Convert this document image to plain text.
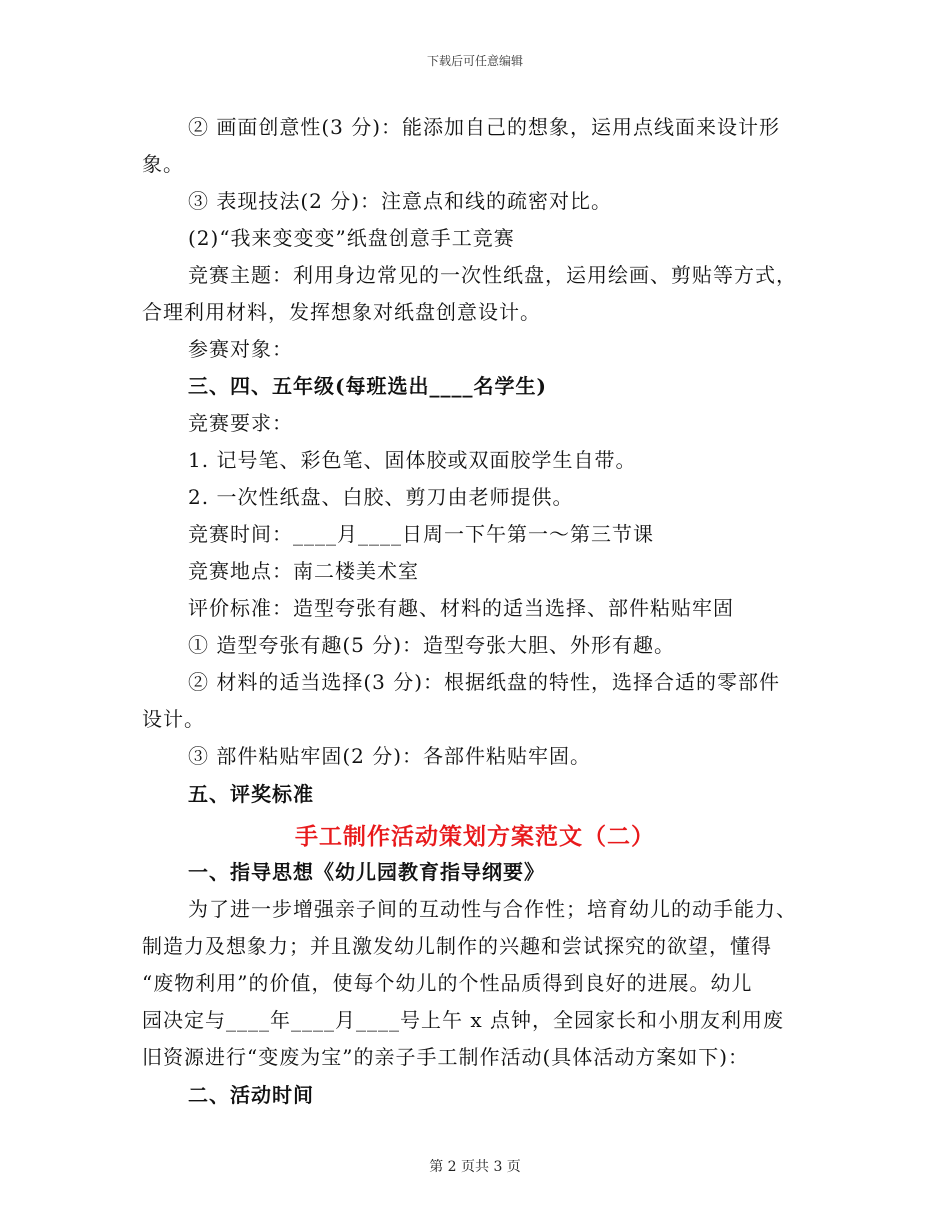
下载后可任意编辑
② 画面创意性(3 分)：能添加自己的想象，运用点线面来设计形
象。
③ 表现技法(2 分)：注意点和线的疏密对比。
(2)“我来变变变”纸盘创意手工竞赛
竞赛主题：利用身边常见的一次性纸盘，运用绘画、剪贴等方式，
合理利用材料，发挥想象对纸盘创意设计。
参赛对象：
三、四、五年级(每班选出____名学生)
竞赛要求：
1. 记号笔、彩色笔、固体胶或双面胶学生自带。
2. 一次性纸盘、白胶、剪刀由老师提供。
竞赛时间：____月____日周一下午第一～第三节课
竞赛地点：南二楼美术室
评价标准：造型夸张有趣、材料的适当选择、部件粘贴牢固
① 造型夸张有趣(5 分)：造型夸张大胆、外形有趣。
② 材料的适当选择(3 分)：根据纸盘的特性，选择合适的零部件
设计。
③ 部件粘贴牢固(2 分)：各部件粘贴牢固。
五、评奖标准
手工制作活动策划方案范文（二）
一、指导思想《幼儿园教育指导纲要》
为了进一步增强亲子间的互动性与合作性；培育幼儿的动手能力、
制造力及想象力；并且激发幼儿制作的兴趣和尝试探究的欲望，懂得
“废物利用”的价值，使每个幼儿的个性品质得到良好的进展。幼儿
园决定与____年____月____号上午 x 点钟，全园家长和小朋友利用废
旧资源进行“变废为宝”的亲子手工制作活动(具体活动方案如下)：
二、活动时间
第 2 页共 3 页
